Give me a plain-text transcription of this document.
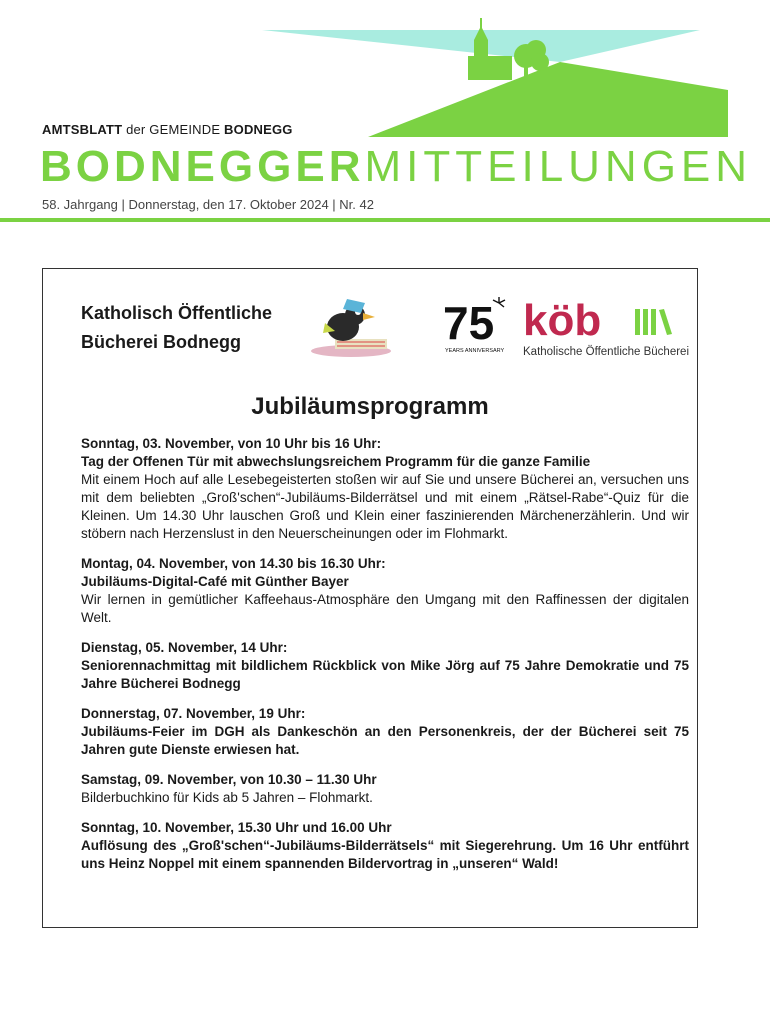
AMTSBLATT der GEMEINDE BODNEGG
BODNEGGERMITTEILUNGEN
58. Jahrgang | Donnerstag, den 17. Oktober 2024 | Nr. 42
Katholisch Öffentliche
Bücherei Bodnegg	75
YEARS ANNIVERSARY
köb
Katholische Öffentliche Bücherei
Jubiläumsprogramm
Sonntag, 03. November, von 10 Uhr bis 16 Uhr:
Tag der Offenen Tür mit abwechslungsreichem Programm für die ganze Familie

Mit einem Hoch auf alle Lesebegeisterten stoßen wir auf Sie und unsere Bücherei an, versuchen uns mit dem beliebten „Groß'schen“-Jubiläums-Bilderrätsel und mit einem „Rätsel-Rabe“-Quiz für die Kleinen. Um 14.30 Uhr lauschen Groß und Klein einer faszinierenden Märchenerzählerin. Und wir stöbern nach Herzenslust in den Neuerscheinungen oder im Flohmarkt.

Montag, 04. November, von 14.30 bis 16.30 Uhr:
Jubiläums-Digital-Café mit Günther Bayer

Wir lernen in gemütlicher Kaffeehaus-Atmosphäre den Umgang mit den Raffinessen der digitalen Welt.

Dienstag, 05. November, 14 Uhr:

Seniorennachmittag mit bildlichem Rückblick von Mike Jörg auf 75 Jahre Demokratie und 75 Jahre Bücherei Bodnegg

Donnerstag, 07. November, 19 Uhr:

Jubiläums-Feier im DGH als Dankeschön an den Personenkreis, der der Bücherei seit 75 Jahren gute Dienste erwiesen hat.

Samstag, 09. November, von 10.30 – 11.30 Uhr

Bilderbuchkino für Kids ab 5 Jahren – Flohmarkt.

Sonntag, 10. November, 15.30 Uhr und 16.00 Uhr

Auflösung des „Groß'schen“-Jubiläums-Bilderrätsels“ mit Siegerehrung. Um 16 Uhr entführt uns Heinz Noppel mit einem spannenden Bildervortrag in „unseren“ Wald!
